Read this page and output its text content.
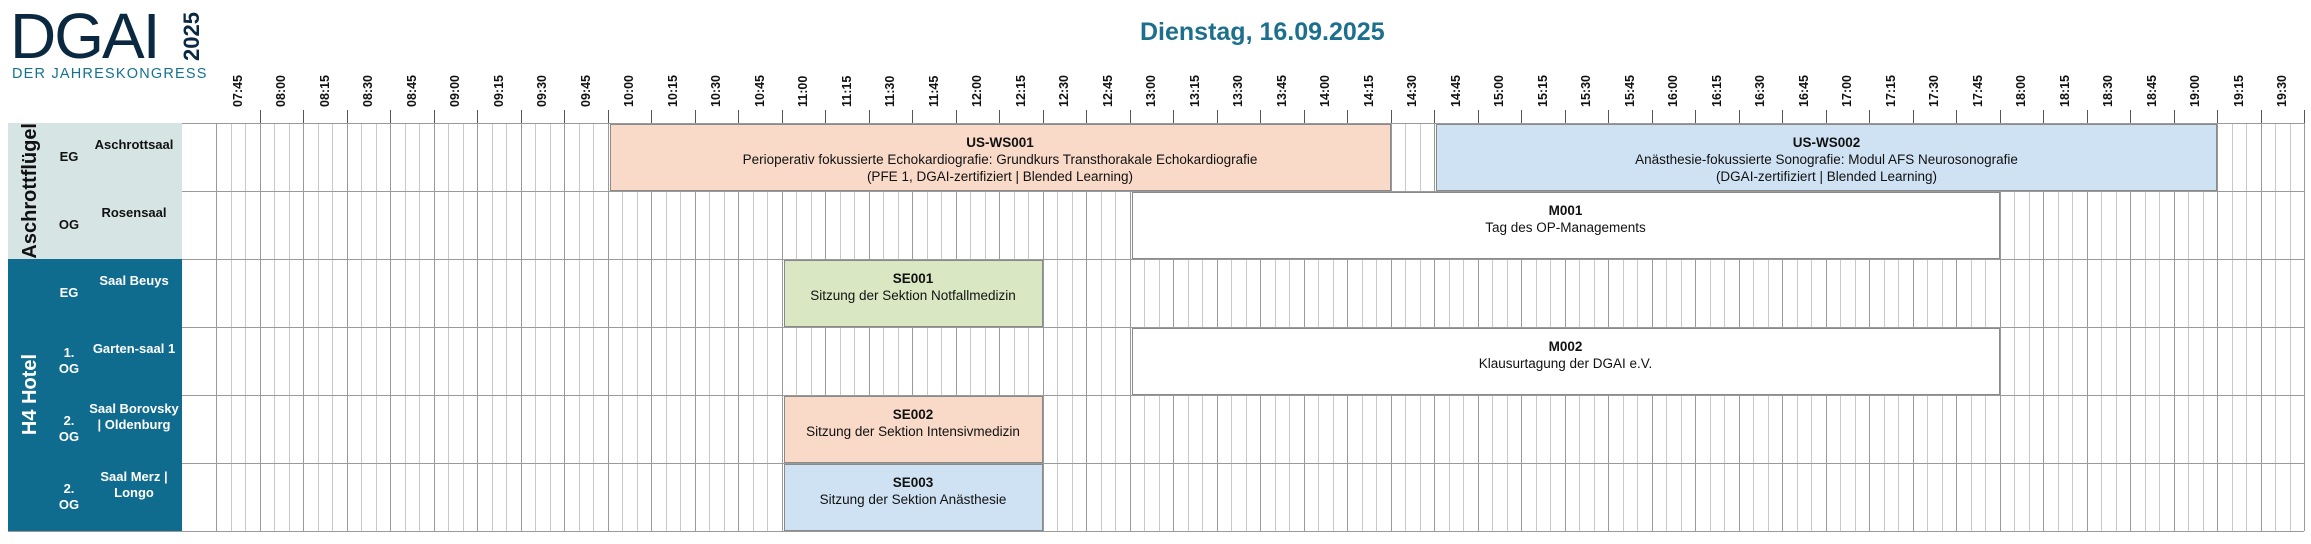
DGAI 2025
DER JAHRESKONGRESS
Dienstag, 16.09.2025
07:45 08:00 08:15 08:30 08:45 09:00 09:15 09:30 09:45 10:00 10:15 10:30 10:45 11:00 11:15 11:30 11:45 12:00 12:15 12:30 12:45 13:00 13:15 13:30 13:45 14:00 14:15 14:30 14:45 15:00 15:15 15:30 15:45 16:00 16:15 16:30 16:45 17:00 17:15 17:30 17:45 18:00 18:15 18:30 18:45 19:00 19:15 19:30
Aschrottflügel
H4 Hotel
EG
Aschrottsaal
OG
Rosensaal
EG
Saal Beuys
1. OG
Garten-saal 1
2. OG
Saal Borovsky | Oldenburg
2. OG
Saal Merz | Longo
US-WS001
Perioperativ fokussierte Echokardiografie: Grundkurs Transthorakale Echokardiografie
(PFE 1, DGAI-zertifiziert | Blended Learning)
US-WS002
Anästhesie-fokussierte Sonografie: Modul AFS Neurosonografie
(DGAI-zertifiziert | Blended Learning)
M001
Tag des OP-Managements
SE001
Sitzung der Sektion Notfallmedizin
M002
Klausurtagung der DGAI e.V.
SE002
Sitzung der Sektion Intensivmedizin
SE003
Sitzung der Sektion Anästhesie
